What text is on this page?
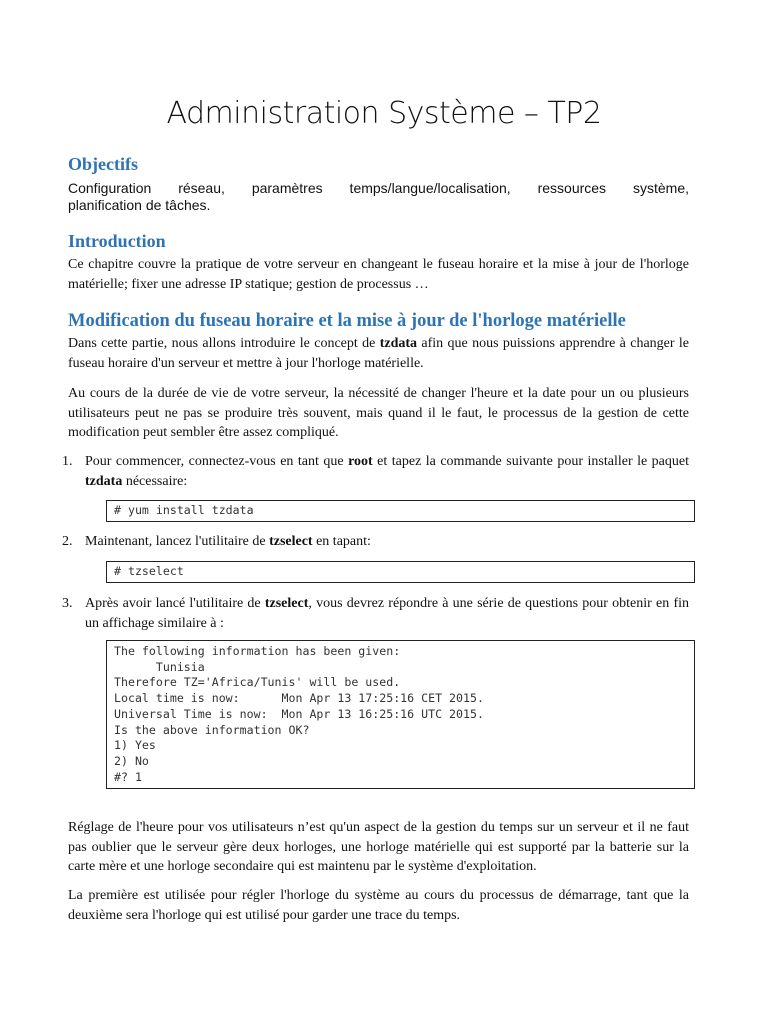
Administration Système – TP2
Objectifs
Configuration réseau, paramètres temps/langue/localisation, ressources système,
planification de tâches.
Introduction
Ce chapitre couvre la pratique de votre serveur en changeant le fuseau horaire et la mise à jour de l'horloge matérielle; fixer une adresse IP statique; gestion de processus …
Modification du fuseau horaire et la mise à jour de l'horloge matérielle
Dans cette partie, nous allons introduire le concept de tzdata afin que nous puissions apprendre à changer le fuseau horaire d'un serveur et mettre à jour l'horloge matérielle.
Au cours de la durée de vie de votre serveur, la nécessité de changer l'heure et la date pour un ou plusieurs utilisateurs peut ne pas se produire très souvent, mais quand il le faut, le processus de la gestion de cette modification peut sembler être assez compliqué.
1. Pour commencer, connectez-vous en tant que root et tapez la commande suivante pour installer le paquet tzdata nécessaire:
# yum install tzdata
2. Maintenant, lancez l'utilitaire de tzselect en tapant:
# tzselect
3. Après avoir lancé l'utilitaire de tzselect, vous devrez répondre à une série de questions pour obtenir en fin un affichage similaire à :
The following information has been given:
Tunisia
Therefore TZ='Africa/Tunis' will be used.
Local time is now:      Mon Apr 13 17:25:16 CET 2015.
Universal Time is now:  Mon Apr 13 16:25:16 UTC 2015.
Is the above information OK?
1) Yes
2) No
#? 1
Réglage de l'heure pour vos utilisateurs n’est qu'un aspect de la gestion du temps sur un serveur et il ne faut pas oublier que le serveur gère deux horloges, une horloge matérielle qui est supporté par la batterie sur la carte mère et une horloge secondaire qui est maintenu par le système d'exploitation.
La première est utilisée pour régler l'horloge du système au cours du processus de démarrage, tant que la deuxième sera l'horloge qui est utilisé pour garder une trace du temps.
